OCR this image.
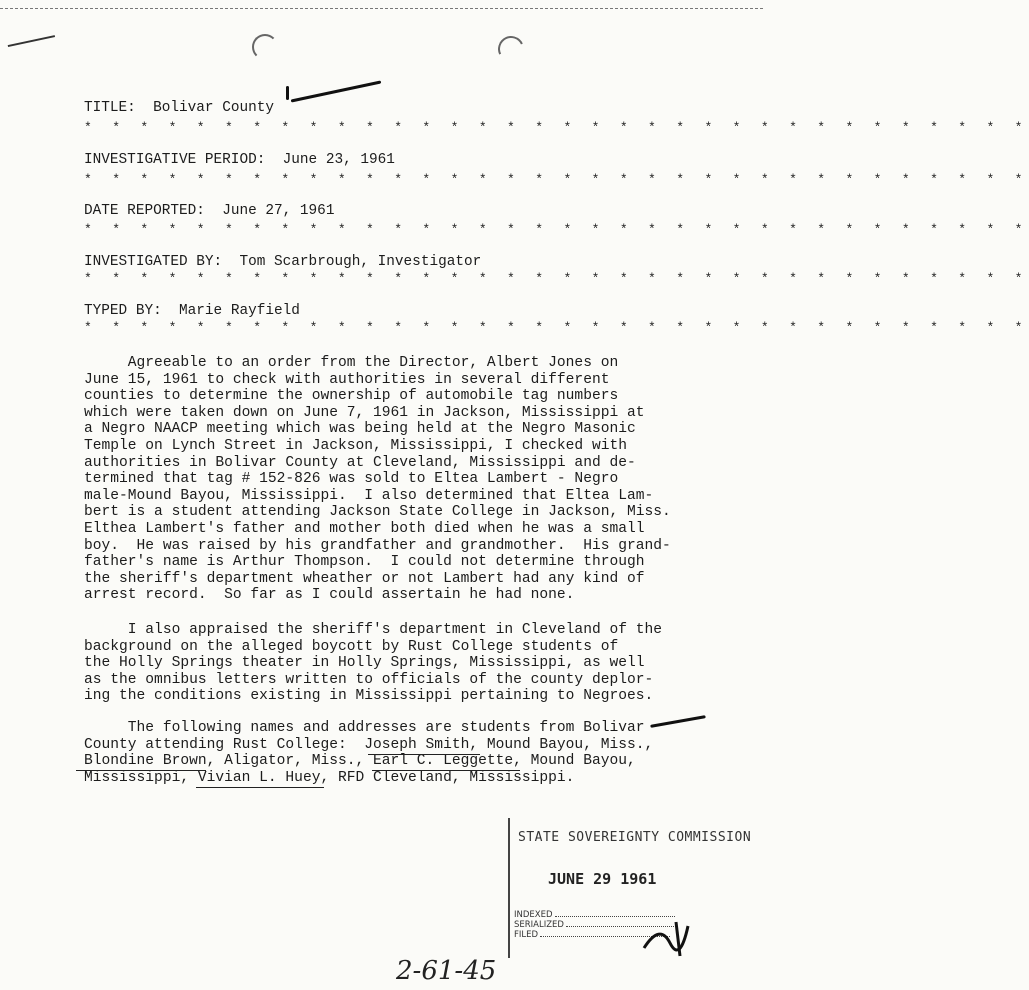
TITLE: Bolivar County
* * * * * * * * * * * * * * * * * * * * * * * * * * * * * * * * * *
INVESTIGATIVE PERIOD: June 23, 1961
* * * * * * * * * * * * * * * * * * * * * * * * * * * * * * * * * *
DATE REPORTED: June 27, 1961
* * * * * * * * * * * * * * * * * * * * * * * * * * * * * * * * * *
INVESTIGATED BY: Tom Scarbrough, Investigator
* * * * * * * * * * * * * * * * * * * * * * * * * * * * * * * * * *
TYPED BY: Marie Rayfield
* * * * * * * * * * * * * * * * * * * * * * * * * * * * * * * * * *
Agreeable to an order from the Director, Albert Jones on
June 15, 1961 to check with authorities in several different
counties to determine the ownership of automobile tag numbers
which were taken down on June 7, 1961 in Jackson, Mississippi at
a Negro NAACP meeting which was being held at the Negro Masonic
Temple on Lynch Street in Jackson, Mississippi, I checked with
authorities in Bolivar County at Cleveland, Mississippi and de-
termined that tag # 152-826 was sold to Eltea Lambert - Negro
male-Mound Bayou, Mississippi.  I also determined that Eltea Lam-
bert is a student attending Jackson State College in Jackson, Miss.
Elthea Lambert's father and mother both died when he was a small
boy.  He was raised by his grandfather and grandmother.  His grand-
father's name is Arthur Thompson.  I could not determine through
the sheriff's department wheather or not Lambert had any kind of
arrest record.  So far as I could assertain he had none.
I also appraised the sheriff's department in Cleveland of the
background on the alleged boycott by Rust College students of
the Holly Springs theater in Holly Springs, Mississippi, as well
as the omnibus letters written to officials of the county deplor-
ing the conditions existing in Mississippi pertaining to Negroes.
The following names and addresses are students from Bolivar
County attending Rust College:  Joseph Smith, Mound Bayou, Miss.,
Blondine Brown, Aligator, Miss., Earl C. Leggette, Mound Bayou,
Mississippi, Vivian L. Huey, RFD Cleveland, Mississippi.
STATE SOVEREIGNTY COMMISSION
JUNE 29 1961
INDEXED
SERIALIZED
FILED
2-61-45
